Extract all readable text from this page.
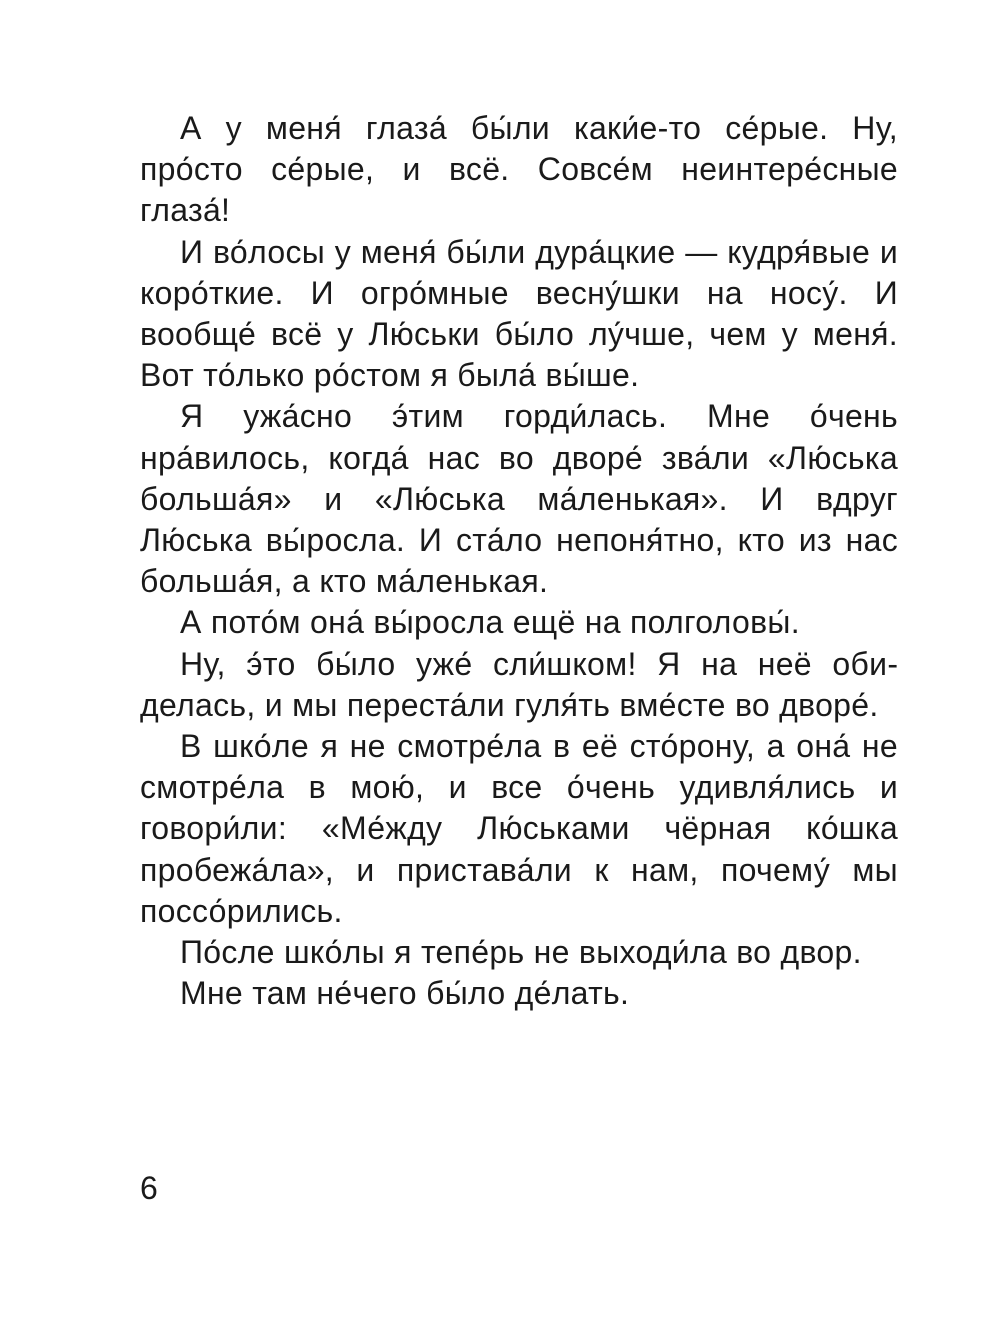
А у меня́ глаза́ бы́ли каки́е-то се́рые. Ну, про́сто се́рые, и всё. Совсе́м неинтере́сные глаза́!

И во́лосы у меня́ бы́ли дура́цкие — кудря́вые и коро́ткие. И огро́мные весну́шки на носу́. И вообще́ всё у Лю́ськи бы́ло лу́чше, чем у меня́. Вот то́лько ро́стом я была́ вы́ше.

Я ужа́сно э́тим горди́лась. Мне о́чень нра́вилось, когда́ нас во дворе́ зва́ли «Лю́ська больша́я» и «Лю́ська ма́ленькая». И вдруг Лю́ська вы́росла. И ста́ло непоня́тно, кто из нас больша́я, а кто ма́ленькая.

А пото́м она́ вы́росла ещё на полголовы́.

Ну, э́то бы́ло уже́ сли́шком! Я на неё обиделась, и мы переста́ли гуля́ть вме́сте во дворе́.

В шко́ле я не смотре́ла в её сто́рону, а она́ не смотре́ла в мою́, и все о́чень удивля́лись и говори́ли: «Ме́жду Лю́ськами чёрная ко́шка пробежа́ла», и пристава́ли к нам, почему́ мы поссо́рились.

По́сле шко́лы я тепе́рь не выходи́ла во двор.

Мне там не́чего бы́ло де́лать.

6
